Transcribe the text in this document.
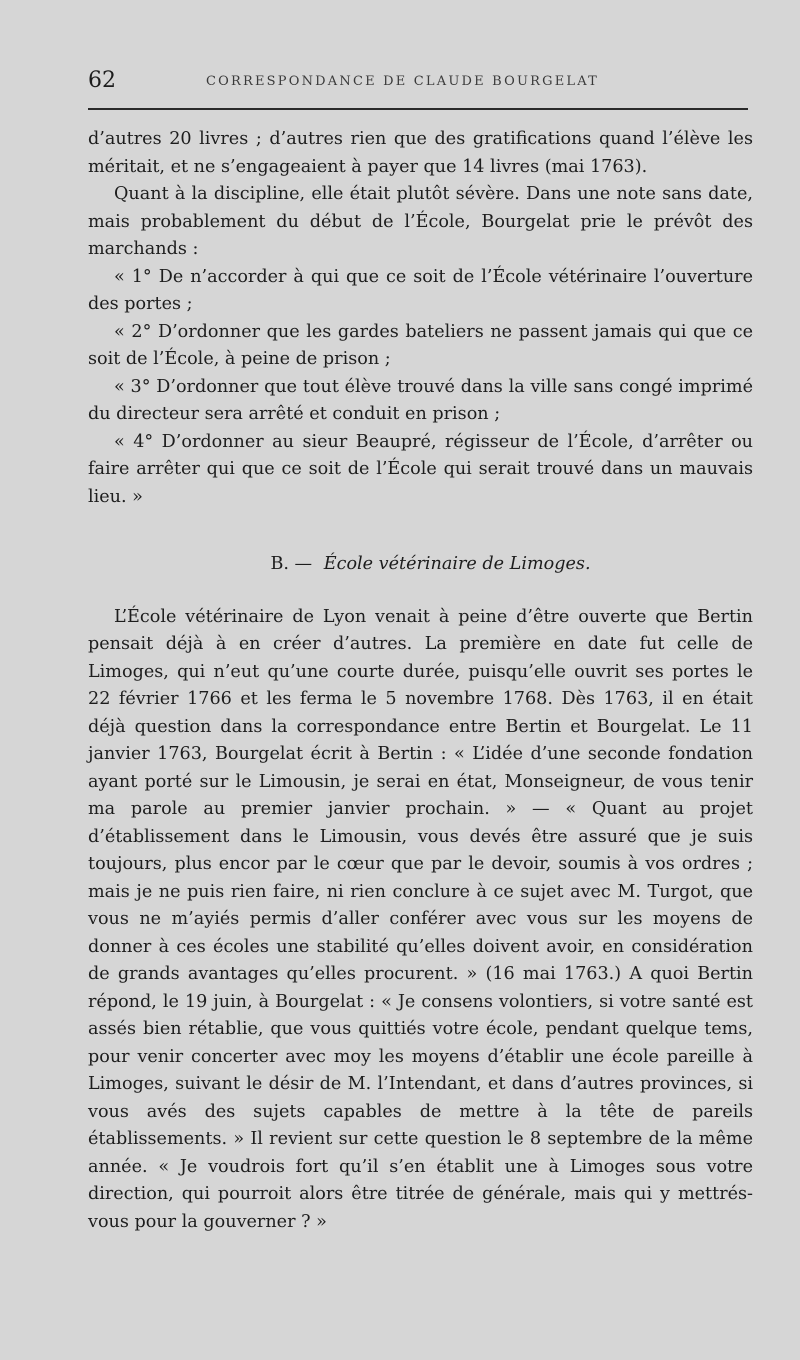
62	CORRESPONDANCE DE CLAUDE BOURGELAT

d’autres 20 livres ; d’autres rien que des gratifications quand l’élève les méritait, et ne s’engageaient à payer que 14 livres (mai 1763).

Quant à la discipline, elle était plutôt sévère. Dans une note sans date, mais probablement du début de l’École, Bourgelat prie le prévôt des marchands :

« 1° De n’accorder à qui que ce soit de l’École vétérinaire l’ouverture des portes ;

« 2° D’ordonner que les gardes bateliers ne passent jamais qui que ce soit de l’École, à peine de prison ;

« 3° D’ordonner que tout élève trouvé dans la ville sans congé imprimé du directeur sera arrêté et conduit en prison ;

« 4° D’ordonner au sieur Beaupré, régisseur de l’École, d’arrêter ou faire arrêter qui que ce soit de l’École qui serait trouvé dans un mauvais lieu. »

B. — École vétérinaire de Limoges.

L’École vétérinaire de Lyon venait à peine d’être ouverte que Bertin pensait déjà à en créer d’autres. La première en date fut celle de Limoges, qui n’eut qu’une courte durée, puisqu’elle ouvrit ses portes le 22 février 1766 et les ferma le 5 novembre 1768. Dès 1763, il en était déjà question dans la correspondance entre Bertin et Bourgelat. Le 11 janvier 1763, Bourgelat écrit à Bertin : « L’idée d’une seconde fondation ayant porté sur le Limousin, je serai en état, Monseigneur, de vous tenir ma parole au premier janvier prochain. » — « Quant au projet d’établissement dans le Limousin, vous devés être assuré que je suis toujours, plus encor par le cœur que par le devoir, soumis à vos ordres ; mais je ne puis rien faire, ni rien conclure à ce sujet avec M. Turgot, que vous ne m’ayiés permis d’aller conférer avec vous sur les moyens de donner à ces écoles une stabilité qu’elles doivent avoir, en considération de grands avantages qu’elles procurent. » (16 mai 1763.) A quoi Bertin répond, le 19 juin, à Bourgelat : « Je consens volontiers, si votre santé est assés bien rétablie, que vous quittiés votre école, pendant quelque tems, pour venir concerter avec moy les moyens d’établir une école pareille à Limoges, suivant le désir de M. l’Intendant, et dans d’autres provinces, si vous avés des sujets capables de mettre à la tête de pareils établissements. » Il revient sur cette question le 8 septembre de la même année. « Je voudrois fort qu’il s’en établit une à Limoges sous votre direction, qui pourroit alors être titrée de générale, mais qui y mettrés-vous pour la gouverner ? »
